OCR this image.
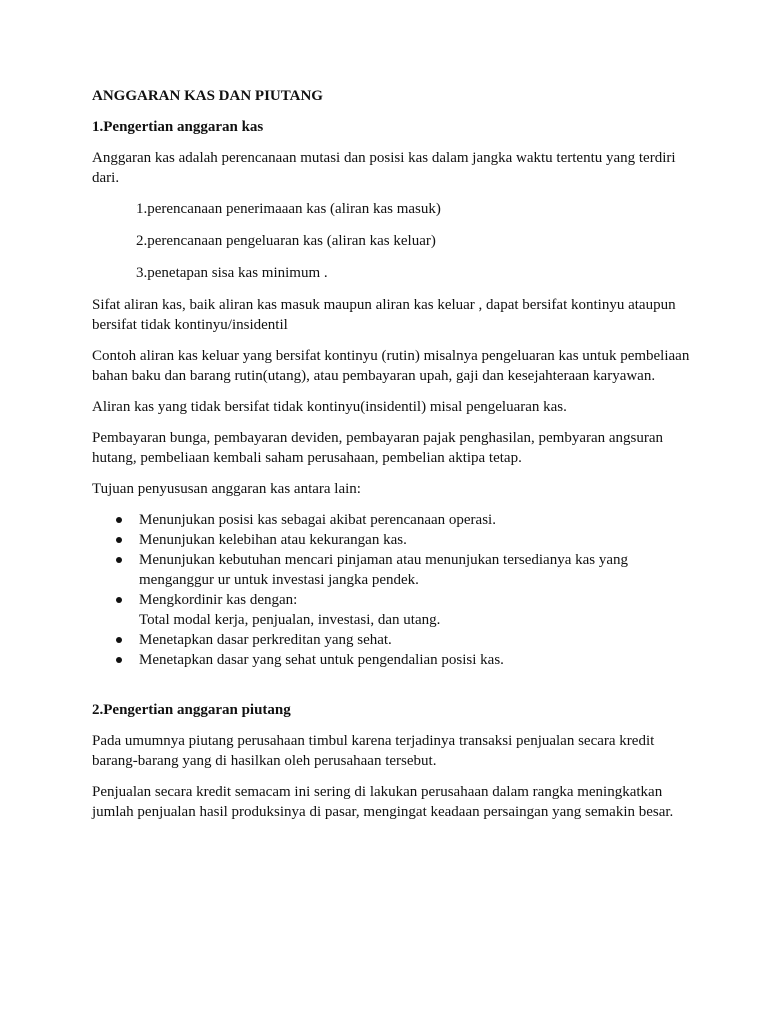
ANGGARAN KAS DAN PIUTANG
1.Pengertian anggaran kas

Anggaran kas adalah perencanaan mutasi dan posisi kas dalam jangka waktu tertentu yang terdiri dari.

1.perencanaan penerimaaan kas (aliran kas masuk)
2.perencanaan pengeluaran kas (aliran kas keluar)
3.penetapan sisa kas minimum .

Sifat aliran kas, baik aliran kas masuk maupun aliran kas keluar , dapat bersifat kontinyu ataupun bersifat tidak kontinyu/insidentil

Contoh aliran kas keluar yang bersifat kontinyu (rutin) misalnya pengeluaran kas untuk pembeliaan bahan baku dan barang rutin(utang), atau pembayaran upah, gaji dan kesejahteraan karyawan.

Aliran kas yang tidak bersifat tidak kontinyu(insidentil) misal pengeluaran kas.

Pembayaran bunga, pembayaran deviden, pembayaran pajak penghasilan, pembyaran angsuran hutang, pembeliaan kembali saham perusahaan, pembelian aktipa tetap.

Tujuan penyususan anggaran kas antara lain:

Menunjukan posisi kas sebagai akibat perencanaan operasi.
Menunjukan kelebihan atau kekurangan kas.
Menunjukan kebutuhan mencari pinjaman atau menunjukan tersedianya kas yang menganggur ur untuk investasi jangka pendek.
Mengkordinir kas dengan:
Total modal kerja, penjualan, investasi, dan utang.
Menetapkan dasar perkreditan yang sehat.
Menetapkan dasar yang sehat untuk pengendalian posisi kas.
2.Pengertian anggaran piutang

Pada umumnya piutang perusahaan timbul karena terjadinya transaksi penjualan secara kredit barang-barang yang di hasilkan oleh perusahaan tersebut.

Penjualan secara kredit semacam ini sering di lakukan perusahaan dalam rangka meningkatkan jumlah penjualan hasil produksinya di pasar, mengingat keadaan persaingan yang semakin besar.
